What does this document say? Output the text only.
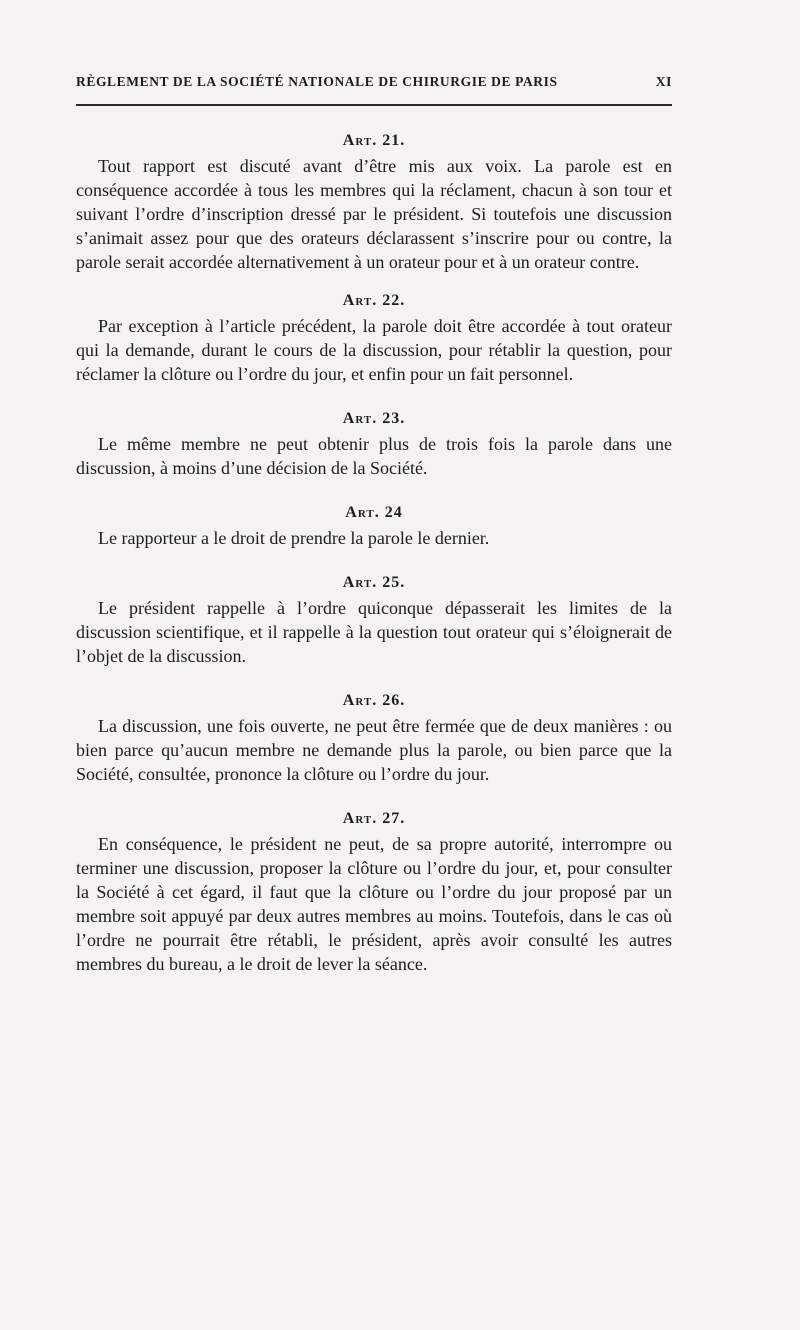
RÈGLEMENT DE LA SOCIÉTÉ NATIONALE DE CHIRURGIE DE PARIS	XI
Art. 21.

Tout rapport est discuté avant d’être mis aux voix. La parole est en conséquence accordée à tous les membres qui la réclament, chacun à son tour et suivant l’ordre d’inscription dressé par le président. Si toutefois une discussion s’animait assez pour que des orateurs déclarassent s’inscrire pour ou contre, la parole serait accordée alternativement à un orateur pour et à un orateur contre.

Art. 22.

Par exception à l’article précédent, la parole doit être accordée à tout orateur qui la demande, durant le cours de la discussion, pour rétablir la question, pour réclamer la clôture ou l’ordre du jour, et enfin pour un fait personnel.

Art. 23.

Le même membre ne peut obtenir plus de trois fois la parole dans une discussion, à moins d’une décision de la Société.

Art. 24

Le rapporteur a le droit de prendre la parole le dernier.

Art. 25.

Le président rappelle à l’ordre quiconque dépasserait les limites de la discussion scientifique, et il rappelle à la question tout orateur qui s’éloignerait de l’objet de la discussion.

Art. 26.

La discussion, une fois ouverte, ne peut être fermée que de deux manières : ou bien parce qu’aucun membre ne demande plus la parole, ou bien parce que la Société, consultée, prononce la clôture ou l’ordre du jour.

Art. 27.

En conséquence, le président ne peut, de sa propre autorité, interrompre ou terminer une discussion, proposer la clôture ou l’ordre du jour, et, pour consulter la Société à cet égard, il faut que la clôture ou l’ordre du jour proposé par un membre soit appuyé par deux autres membres au moins. Toutefois, dans le cas où l’ordre ne pourrait être rétabli, le président, après avoir consulté les autres membres du bureau, a le droit de lever la séance.
